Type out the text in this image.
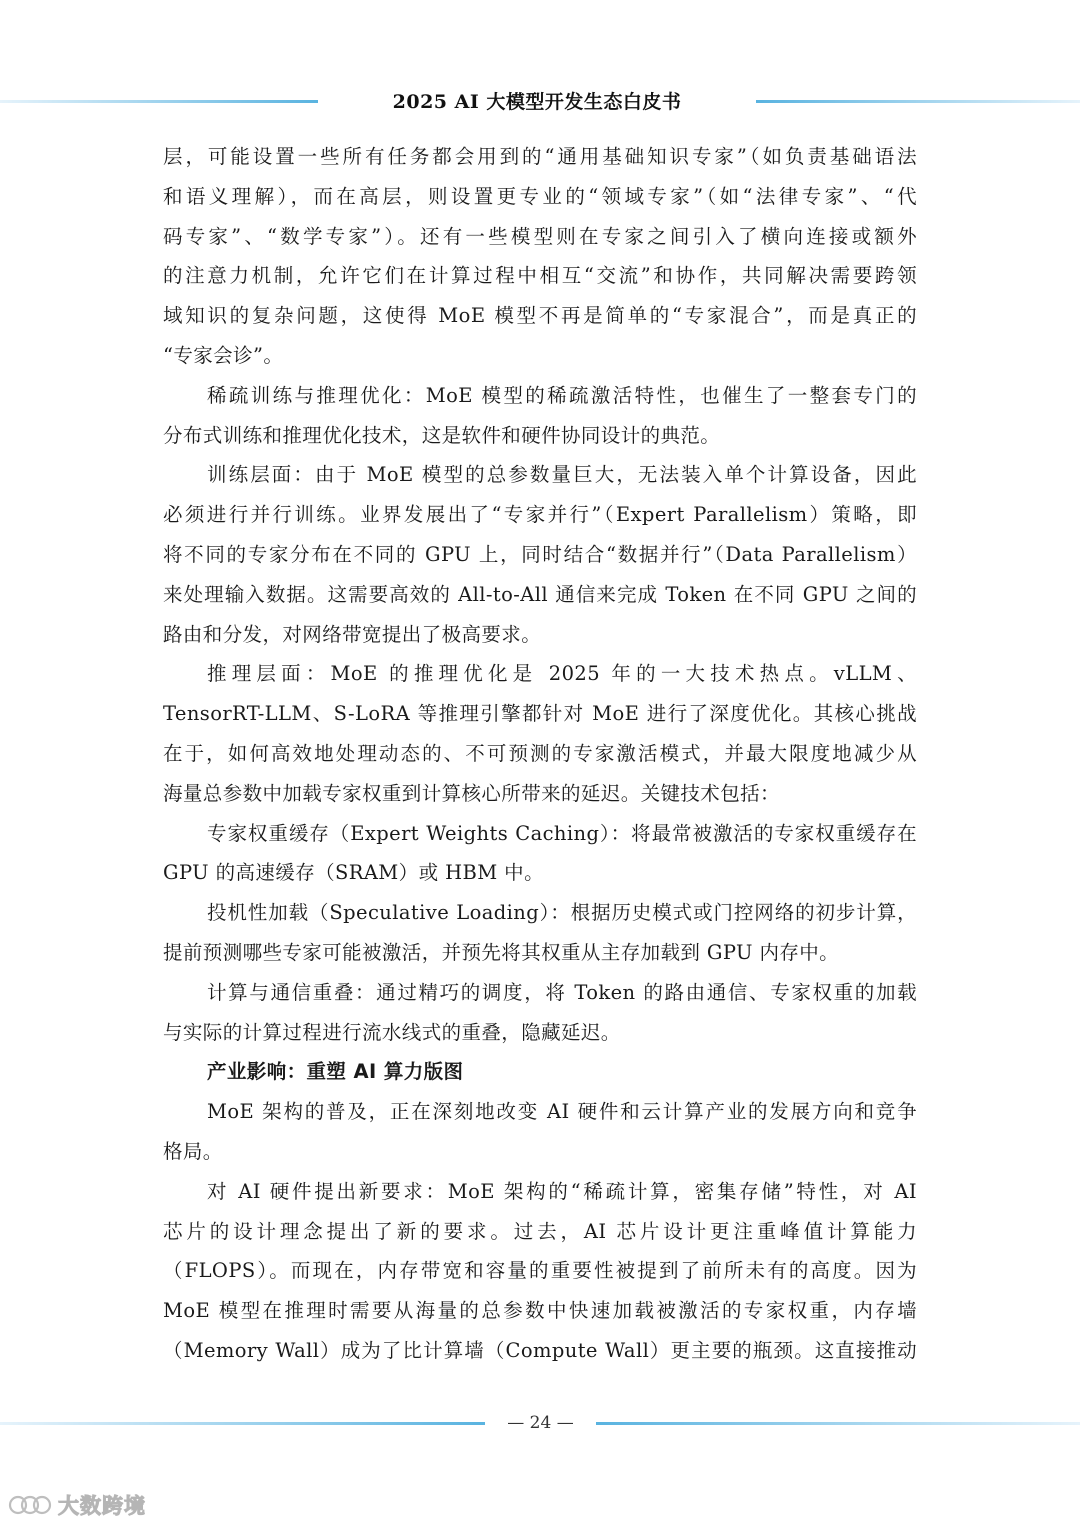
2025 AI 大模型开发生态白皮书

层，可能设置一些所有任务都会用到的“通用基础知识专家”（如负责基础语法

和语义理解），而在高层，则设置更专业的“领域专家”（如“法律专家”、“代

码专家”、“数学专家”）。还有一些模型则在专家之间引入了横向连接或额外

的注意力机制，允许它们在计算过程中相互“交流”和协作，共同解决需要跨领

域知识的复杂问题，这使得 MoE 模型不再是简单的“专家混合”，而是真正的

“专家会诊”。

稀疏训练与推理优化：MoE 模型的稀疏激活特性，也催生了一整套专门的

分布式训练和推理优化技术，这是软件和硬件协同设计的典范。

训练层面：由于 MoE 模型的总参数量巨大，无法装入单个计算设备，因此

必须进行并行训练。业界发展出了“专家并行”（Expert Parallelism）策略，即

将不同的专家分布在不同的 GPU 上，同时结合“数据并行”（Data Parallelism）

来处理输入数据。这需要高效的 All-to-All 通信来完成 Token 在不同 GPU 之间的

路由和分发，对网络带宽提出了极高要求。

推理层面：MoE 的推理优化是 2025 年的一大技术热点。vLLM、

TensorRT-LLM、S-LoRA 等推理引擎都针对 MoE 进行了深度优化。其核心挑战

在于，如何高效地处理动态的、不可预测的专家激活模式，并最大限度地减少从

海量总参数中加载专家权重到计算核心所带来的延迟。关键技术包括：

专家权重缓存（Expert Weights Caching）：将最常被激活的专家权重缓存在

GPU 的高速缓存（SRAM）或 HBM 中。

投机性加载（Speculative Loading）：根据历史模式或门控网络的初步计算，

提前预测哪些专家可能被激活，并预先将其权重从主存加载到 GPU 内存中。

计算与通信重叠：通过精巧的调度，将 Token 的路由通信、专家权重的加载

与实际的计算过程进行流水线式的重叠，隐藏延迟。

产业影响：重塑 AI 算力版图

MoE 架构的普及，正在深刻地改变 AI 硬件和云计算产业的发展方向和竞争

格局。

对 AI 硬件提出新要求：MoE 架构的“稀疏计算，密集存储”特性，对 AI

芯片的设计理念提出了新的要求。过去，AI 芯片设计更注重峰值计算能力

（FLOPS）。而现在，内存带宽和容量的重要性被提到了前所未有的高度。因为

MoE 模型在推理时需要从海量的总参数中快速加载被激活的专家权重，内存墙

（Memory Wall）成为了比计算墙（Compute Wall）更主要的瓶颈。这直接推动

— 24 —
大数跨境
